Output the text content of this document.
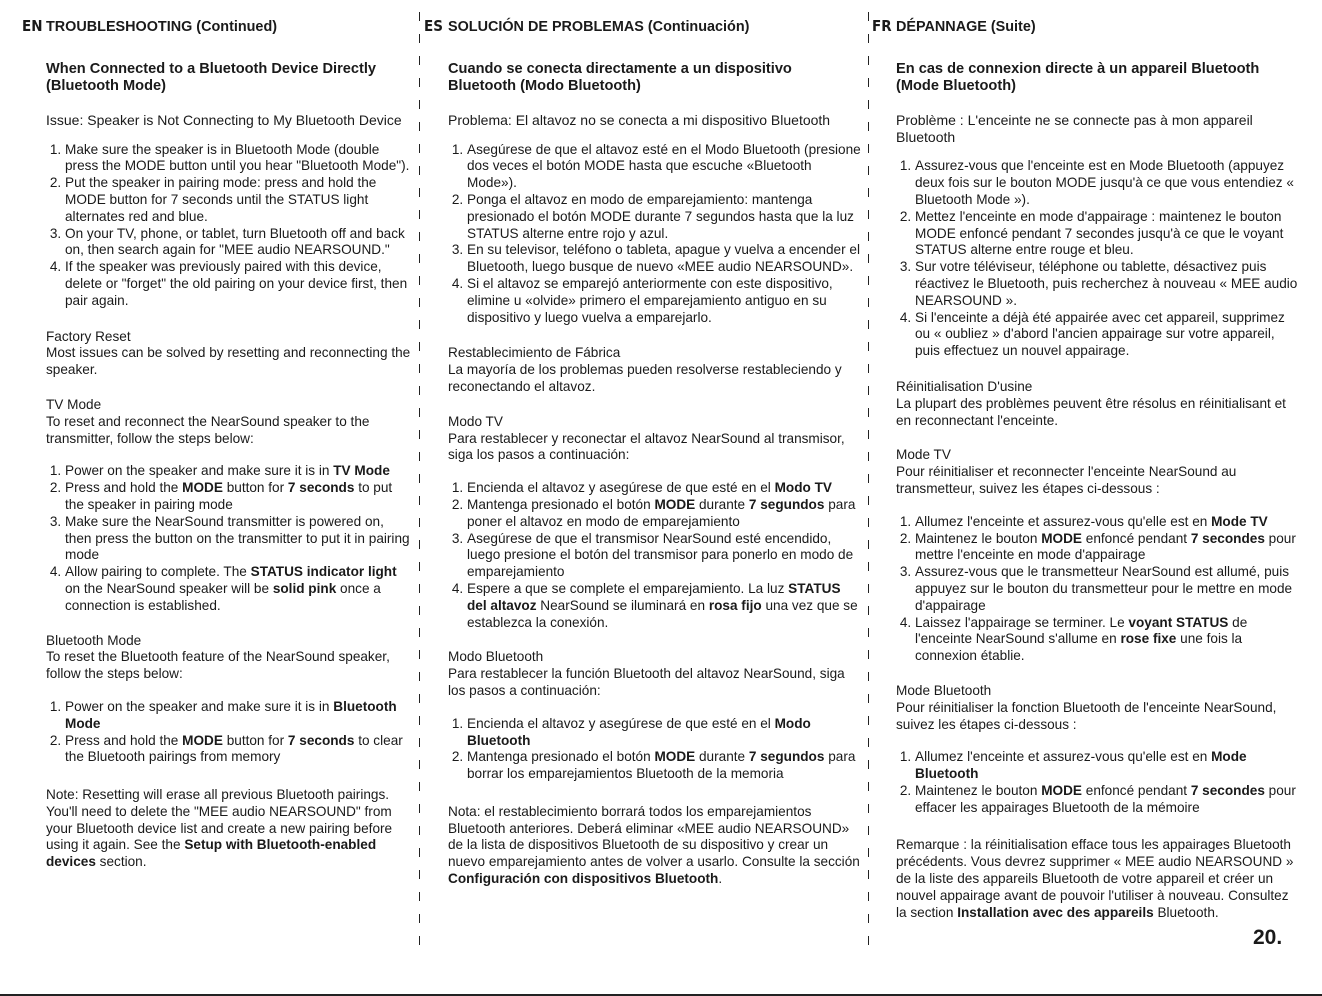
EN TROUBLESHOOTING (Continued)
When Connected to a Bluetooth Device Directly (Bluetooth Mode)
Issue: Speaker is Not Connecting to My Bluetooth Device
1. Make sure the speaker is in Bluetooth Mode (double press the MODE button until you hear "Bluetooth Mode").
2. Put the speaker in pairing mode: press and hold the MODE button for 7 seconds until the STATUS light alternates red and blue.
3. On your TV, phone, or tablet, turn Bluetooth off and back on, then search again for "MEE audio NEARSOUND."
4. If the speaker was previously paired with this device, delete or "forget" the old pairing on your device first, then pair again.
Factory Reset

Most issues can be solved by resetting and reconnecting the speaker.

TV Mode

To reset and reconnect the NearSound speaker to the transmitter, follow the steps below:

1. Power on the speaker and make sure it is in TV Mode
2. Press and hold the MODE button for 7 seconds to put the speaker in pairing mode
3. Make sure the NearSound transmitter is powered on, then press the button on the transmitter to put it in pairing mode
4. Allow pairing to complete. The STATUS indicator light on the NearSound speaker will be solid pink once a connection is established.
Bluetooth Mode

To reset the Bluetooth feature of the NearSound speaker, follow the steps below:

1. Power on the speaker and make sure it is in Bluetooth Mode
2. Press and hold the MODE button for 7 seconds to clear the Bluetooth pairings from memory

Note: Resetting will erase all previous Bluetooth pairings. You'll need to delete the "MEE audio NEARSOUND" from your Bluetooth device list and create a new pairing before using it again. See the Setup with Bluetooth-enabled devices section.

ES SOLUCIÓN DE PROBLEMAS (Continuación)
Cuando se conecta directamente a un dispositivo Bluetooth (Modo Bluetooth)
Problema: El altavoz no se conecta a mi dispositivo Bluetooth
1. Asegúrese de que el altavoz esté en el Modo Bluetooth (presione dos veces el botón MODE hasta que escuche «Bluetooth Mode»).
2. Ponga el altavoz en modo de emparejamiento: mantenga presionado el botón MODE durante 7 segundos hasta que la luz STATUS alterne entre rojo y azul.
3. En su televisor, teléfono o tableta, apague y vuelva a encender el Bluetooth, luego busque de nuevo «MEE audio NEARSOUND».
4. Si el altavoz se emparejó anteriormente con este dispositivo, elimine u «olvide» primero el emparejamiento antiguo en su dispositivo y luego vuelva a emparejarlo.
Restablecimiento de Fábrica

La mayoría de los problemas pueden resolverse restableciendo y reconectando el altavoz.

Modo TV

Para restablecer y reconectar el altavoz NearSound al transmisor, siga los pasos a continuación:

1. Encienda el altavoz y asegúrese de que esté en el Modo TV
2. Mantenga presionado el botón MODE durante 7 segundos para poner el altavoz en modo de emparejamiento
3. Asegúrese de que el transmisor NearSound esté encendido, luego presione el botón del transmisor para ponerlo en modo de emparejamiento
4. Espere a que se complete el emparejamiento. La luz STATUS del altavoz NearSound se iluminará en rosa fijo una vez que se establezca la conexión.
Modo Bluetooth

Para restablecer la función Bluetooth del altavoz NearSound, siga los pasos a continuación:

1. Encienda el altavoz y asegúrese de que esté en el Modo Bluetooth
2. Mantenga presionado el botón MODE durante 7 segundos para borrar los emparejamientos Bluetooth de la memoria

Nota: el restablecimiento borrará todos los emparejamientos Bluetooth anteriores. Deberá eliminar «MEE audio NEARSOUND» de la lista de dispositivos Bluetooth de su dispositivo y crear un nuevo emparejamiento antes de volver a usarlo. Consulte la sección Configuración con dispositivos Bluetooth.

FR DÉPANNAGE (Suite)
En cas de connexion directe à un appareil Bluetooth (Mode Bluetooth)
Problème : L'enceinte ne se connecte pas à mon appareil Bluetooth
1. Assurez-vous que l'enceinte est en Mode Bluetooth (appuyez deux fois sur le bouton MODE jusqu'à ce que vous entendiez « Bluetooth Mode »).
2. Mettez l'enceinte en mode d'appairage : maintenez le bouton MODE enfoncé pendant 7 secondes jusqu'à ce que le voyant STATUS alterne entre rouge et bleu.
3. Sur votre téléviseur, téléphone ou tablette, désactivez puis réactivez le Bluetooth, puis recherchez à nouveau « MEE audio NEARSOUND ».
4. Si l'enceinte a déjà été appairée avec cet appareil, supprimez ou « oubliez » d'abord l'ancien appairage sur votre appareil, puis effectuez un nouvel appairage.
Réinitialisation D'usine

La plupart des problèmes peuvent être résolus en réinitialisant et en reconnectant l'enceinte.

Mode TV

Pour réinitialiser et reconnecter l'enceinte NearSound au transmetteur, suivez les étapes ci-dessous :

1. Allumez l'enceinte et assurez-vous qu'elle est en Mode TV
2. Maintenez le bouton MODE enfoncé pendant 7 secondes pour mettre l'enceinte en mode d'appairage
3. Assurez-vous que le transmetteur NearSound est allumé, puis appuyez sur le bouton du transmetteur pour le mettre en mode d'appairage
4. Laissez l'appairage se terminer. Le voyant STATUS de l'enceinte NearSound s'allume en rose fixe une fois la connexion établie.
Mode Bluetooth

Pour réinitialiser la fonction Bluetooth de l'enceinte NearSound, suivez les étapes ci-dessous :

1. Allumez l'enceinte et assurez-vous qu'elle est en Mode Bluetooth
2. Maintenez le bouton MODE enfoncé pendant 7 secondes pour effacer les appairages Bluetooth de la mémoire

Remarque : la réinitialisation efface tous les appairages Bluetooth précédents. Vous devrez supprimer « MEE audio NEARSOUND » de la liste des appareils Bluetooth de votre appareil et créer un nouvel appairage avant de pouvoir l'utiliser à nouveau. Consultez la section Installation avec des appareils Bluetooth.

20.
